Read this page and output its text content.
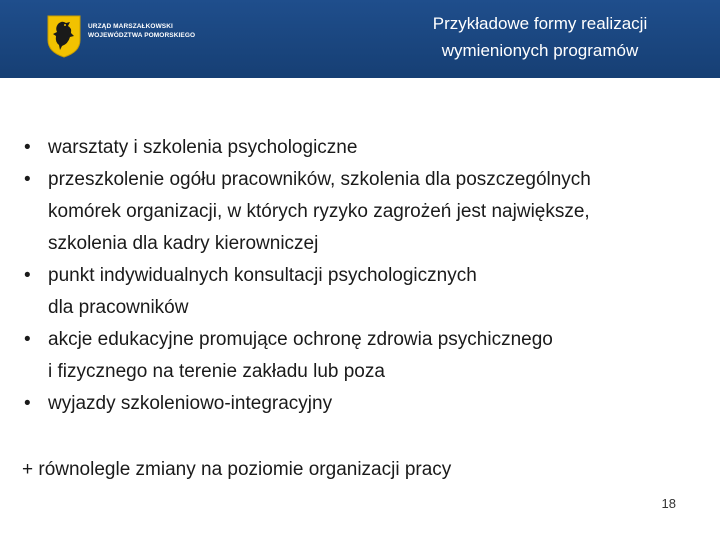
URZĄD MARSZAŁKOWSKI
WOJEWÓDZTWA POMORSKIEGO
Przykładowe formy realizacji
wymienionych programów
• warsztaty i szkolenia psychologiczne
• przeszkolenie ogółu pracowników, szkolenia dla poszczególnych
komórek organizacji, w których ryzyko zagrożeń jest największe,
szkolenia dla kadry kierowniczej
• punkt indywidualnych konsultacji psychologicznych
dla pracowników
• akcje edukacyjne promujące ochronę zdrowia psychicznego
i fizycznego na terenie zakładu lub poza
• wyjazdy szkoleniowo-integracyjny
+ równolegle zmiany na poziomie organizacji pracy
18
